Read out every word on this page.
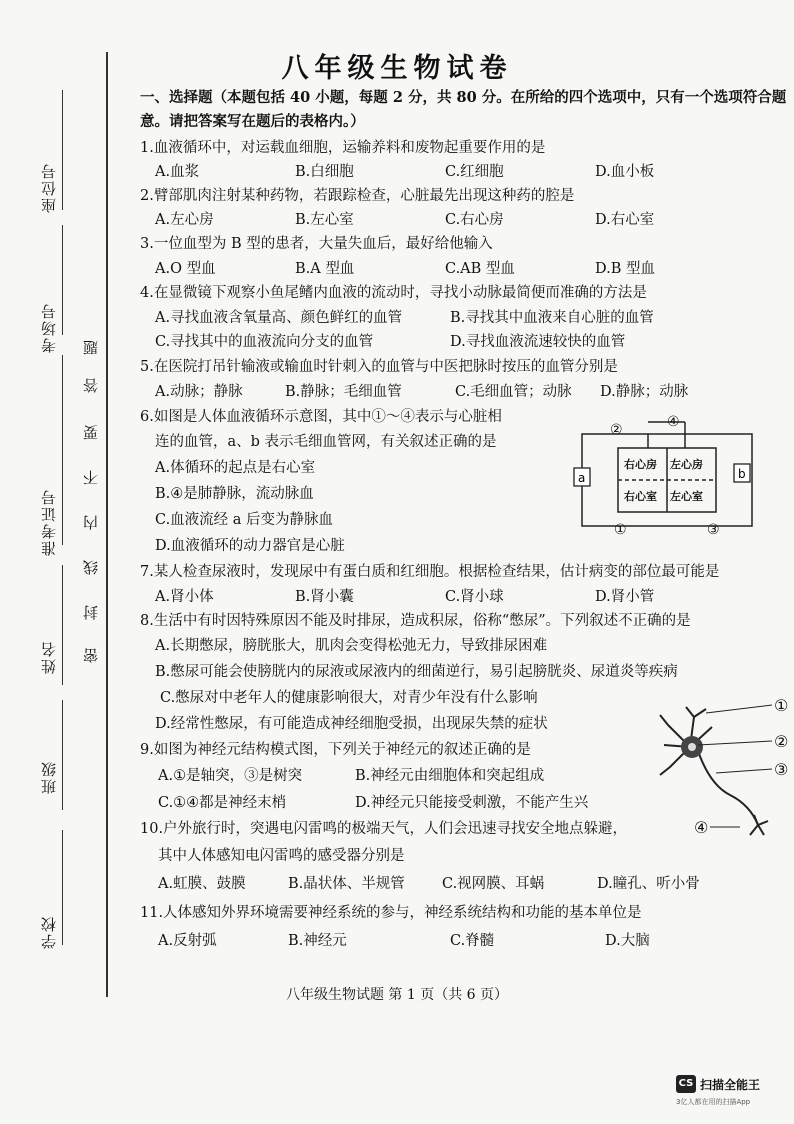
座位号
考场号
准考证号
姓名
班级
学校
题
答
要
不
内
线
封
密
八年级生物试卷
一、选择题（本题包括 40 小题，每题 2 分，共 80 分。在所给的四个选项中，只有一个选项符合题
意。请把答案写在题后的表格内。）
1.血液循环中，对运载血细胞，运输养料和废物起重要作用的是
A.血浆	B.白细胞	C.红细胞	D.血小板
2.臂部肌肉注射某种药物，若跟踪检查，心脏最先出现这种药的腔是
A.左心房	B.左心室	C.右心房	D.右心室
3.一位血型为 B 型的患者，大量失血后，最好给他输入
A.O 型血	B.A 型血	C.AB 型血	D.B 型血
4.在显微镜下观察小鱼尾鳍内血液的流动时，寻找小动脉最简便而准确的方法是
A.寻找血液含氧量高、颜色鲜红的血管	B.寻找其中血液来自心脏的血管
C.寻找其中的血液流向分支的血管	D.寻找血液流速较快的血管
5.在医院打吊针输液或输血时针刺入的血管与中医把脉时按压的血管分别是
A.动脉；静脉	B.静脉；毛细血管	C.毛细血管；动脉 D.静脉；动脉
6.如图是人体血液循环示意图，其中①～④表示与心脏相
连的血管，a、b 表示毛细血管网，有关叙述正确的是
A.体循环的起点是右心室
B.④是肺静脉，流动脉血
C.血液流经 a 后变为静脉血
D.血液循环的动力器官是心脏
7.某人检查尿液时，发现尿中有蛋白质和红细胞。根据检查结果，估计病变的部位最可能是
A.肾小体	B.肾小囊	C.肾小球	D.肾小管
8.生活中有时因特殊原因不能及时排尿，造成积尿，俗称“憋尿”。下列叙述不正确的是
A.长期憋尿，膀胱胀大，肌肉会变得松弛无力，导致排尿困难
B.憋尿可能会使膀胱内的尿液或尿液内的细菌逆行，易引起膀胱炎、尿道炎等疾病
C.憋尿对中老年人的健康影响很大，对青少年没有什么影响
D.经常性憋尿，有可能造成神经细胞受损，出现尿失禁的症状
9.如图为神经元结构模式图，下列关于神经元的叙述正确的是
A.①是轴突，③是树突	B.神经元由细胞体和突起组成
C.①④都是神经末梢	D.神经元只能接受刺激，不能产生兴
10.户外旅行时，突遇电闪雷鸣的极端天气，人们会迅速寻找安全地点躲避，
其中人体感知电闪雷鸣的感受器分别是
A.虹膜、鼓膜	B.晶状体、半规管	C.视网膜、耳蜗	D.瞳孔、听小骨
11.人体感知外界环境需要神经系统的参与，神经系统结构和功能的基本单位是
A.反射弧	B.神经元	C.脊髓	D.大脑
右心房 左心房
右心室 左心室
a	b
②	④
①	③
①
②
③
④
八年级生物试题 第 1 页（共 6 页）
CS 扫描全能王
3亿人都在用的扫描App
